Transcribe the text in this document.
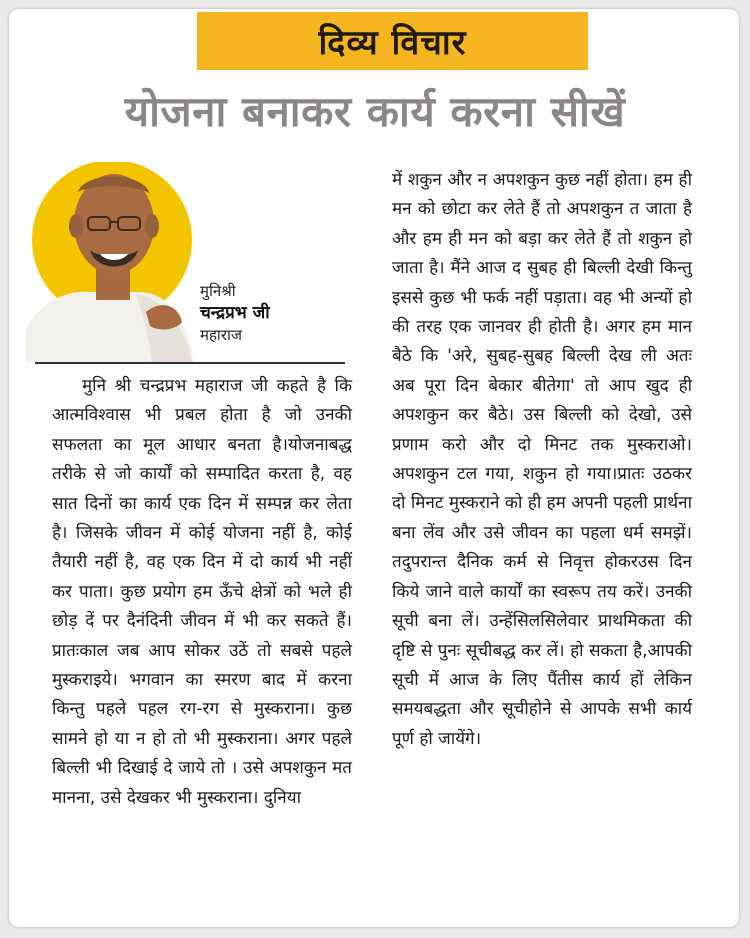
दिव्य विचार
योजना बनाकर कार्य करना सीखें
मुनिश्री
चन्द्रप्रभ जी
महाराज
मुनि श्री चन्द्रप्रभ महाराज जी कहते है कि आत्मविश्वास भी प्रबल होता है जो उनकी सफलता का मूल आधार बनता है।योजनाबद्ध तरीके से जो कार्यों को सम्पादित करता है, वह सात दिनों का कार्य एक दिन में सम्पन्न कर लेता है। जिसके जीवन में कोई योजना नहीं है, कोई तैयारी नहीं है, वह एक दिन में दो कार्य भी नहीं कर पाता। कुछ प्रयोग हम ऊँचे क्षेत्रों को भले ही छोड़ दें पर दैनंदिनी जीवन में भी कर सकते हैं। प्रातःकाल जब आप सोकर उठें तो सबसे पहले मुस्कराइये। भगवान का स्मरण बाद में करना किन्तु पहले पहल रग-रग से मुस्कराना। कुछ सामने हो या न हो तो भी मुस्कराना। अगर पहले बिल्ली भी दिखाई दे जाये तो । उसे अपशकुन मत मानना, उसे देखकर भी मुस्कराना। दुनिया
में शकुन और न अपशकुन कुछ नहीं होता। हम ही मन को छोटा कर लेते हैं तो अपशकुन त जाता है और हम ही मन को बड़ा कर लेते हैं तो शकुन हो जाता है। मैंने आज द सुबह ही बिल्ली देखी किन्तु इससे कुछ भी फर्क नहीं पड़ाता। वह भी अन्यों हो की तरह एक जानवर ही होती है। अगर हम मान बैठे कि 'अरे, सुबह-सुबह बिल्ली देख ली अतः अब पूरा दिन बेकार बीतेगा' तो आप खुद ही अपशकुन कर बैठे। उस बिल्ली को देखो, उसे प्रणाम करो और दो मिनट तक मुस्कराओ। अपशकुन टल गया, शकुन हो गया।प्रातः उठकर दो मिनट मुस्कराने को ही हम अपनी पहली प्रार्थना बना लेंव और उसे जीवन का पहला धर्म समझें। तदुपरान्त दैनिक कर्म से निवृत्त होकरउस दिन किये जाने वाले कार्यों का स्वरूप तय करें। उनकी सूची बना लें। उन्हेंसिलसिलेवार प्राथमिकता की दृष्टि से पुनः सूचीबद्ध कर लें। हो सकता है,आपकी सूची में आज के लिए पैंतीस कार्य हों लेकिन समयबद्धता और सूचीहोने से आपके सभी कार्य पूर्ण हो जायेंगे।
